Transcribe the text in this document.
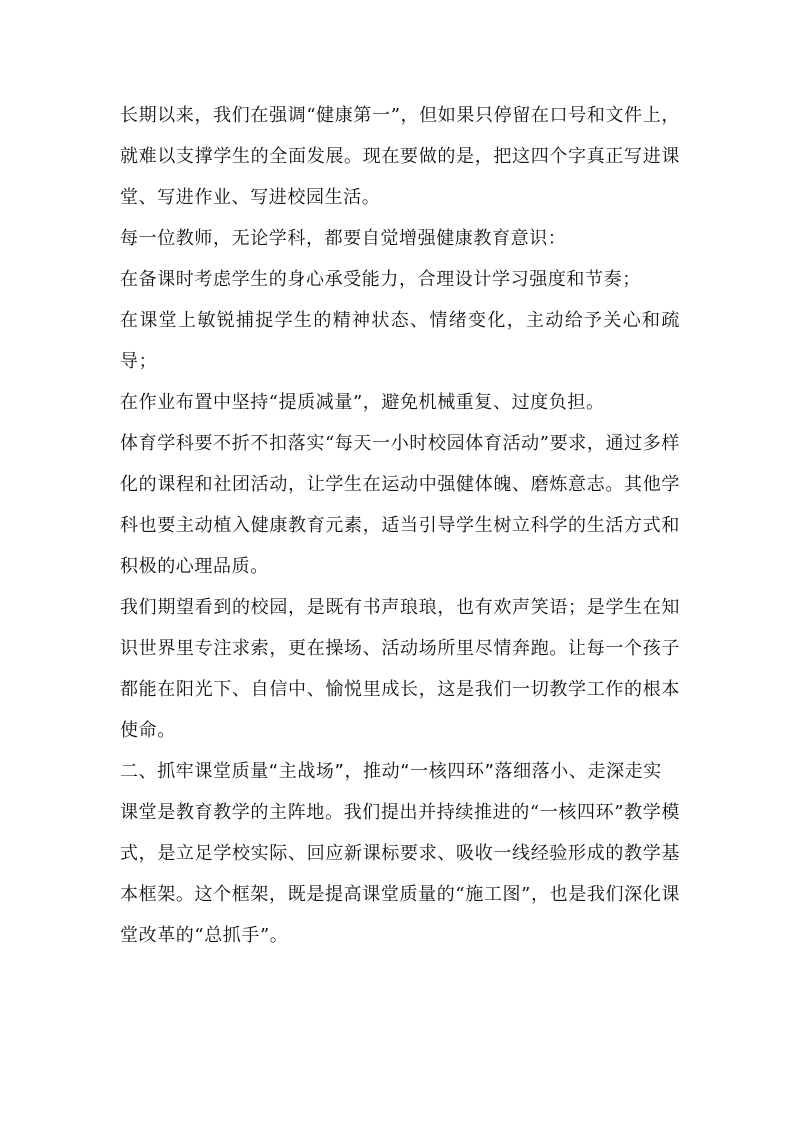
长期以来，我们在强调“健康第一”，但如果只停留在口号和文件上，就难以支撑学生的全面发展。现在要做的是，把这四个字真正写进课堂、写进作业、写进校园生活。

每一位教师，无论学科，都要自觉增强健康教育意识：

在备课时考虑学生的身心承受能力，合理设计学习强度和节奏；

在课堂上敏锐捕捉学生的精神状态、情绪变化，主动给予关心和疏导；

在作业布置中坚持“提质减量”，避免机械重复、过度负担。

体育学科要不折不扣落实“每天一小时校园体育活动”要求，通过多样化的课程和社团活动，让学生在运动中强健体魄、磨炼意志。其他学科也要主动植入健康教育元素，适当引导学生树立科学的生活方式和积极的心理品质。

我们期望看到的校园，是既有书声琅琅，也有欢声笑语；是学生在知识世界里专注求索，更在操场、活动场所里尽情奔跑。让每一个孩子都能在阳光下、自信中、愉悦里成长，这是我们一切教学工作的根本使命。

二、抓牢课堂质量“主战场”，推动“一核四环”落细落小、走深走实

课堂是教育教学的主阵地。我们提出并持续推进的“一核四环”教学模式，是立足学校实际、回应新课标要求、吸收一线经验形成的教学基本框架。这个框架，既是提高课堂质量的“施工图”，也是我们深化课堂改革的“总抓手”。
